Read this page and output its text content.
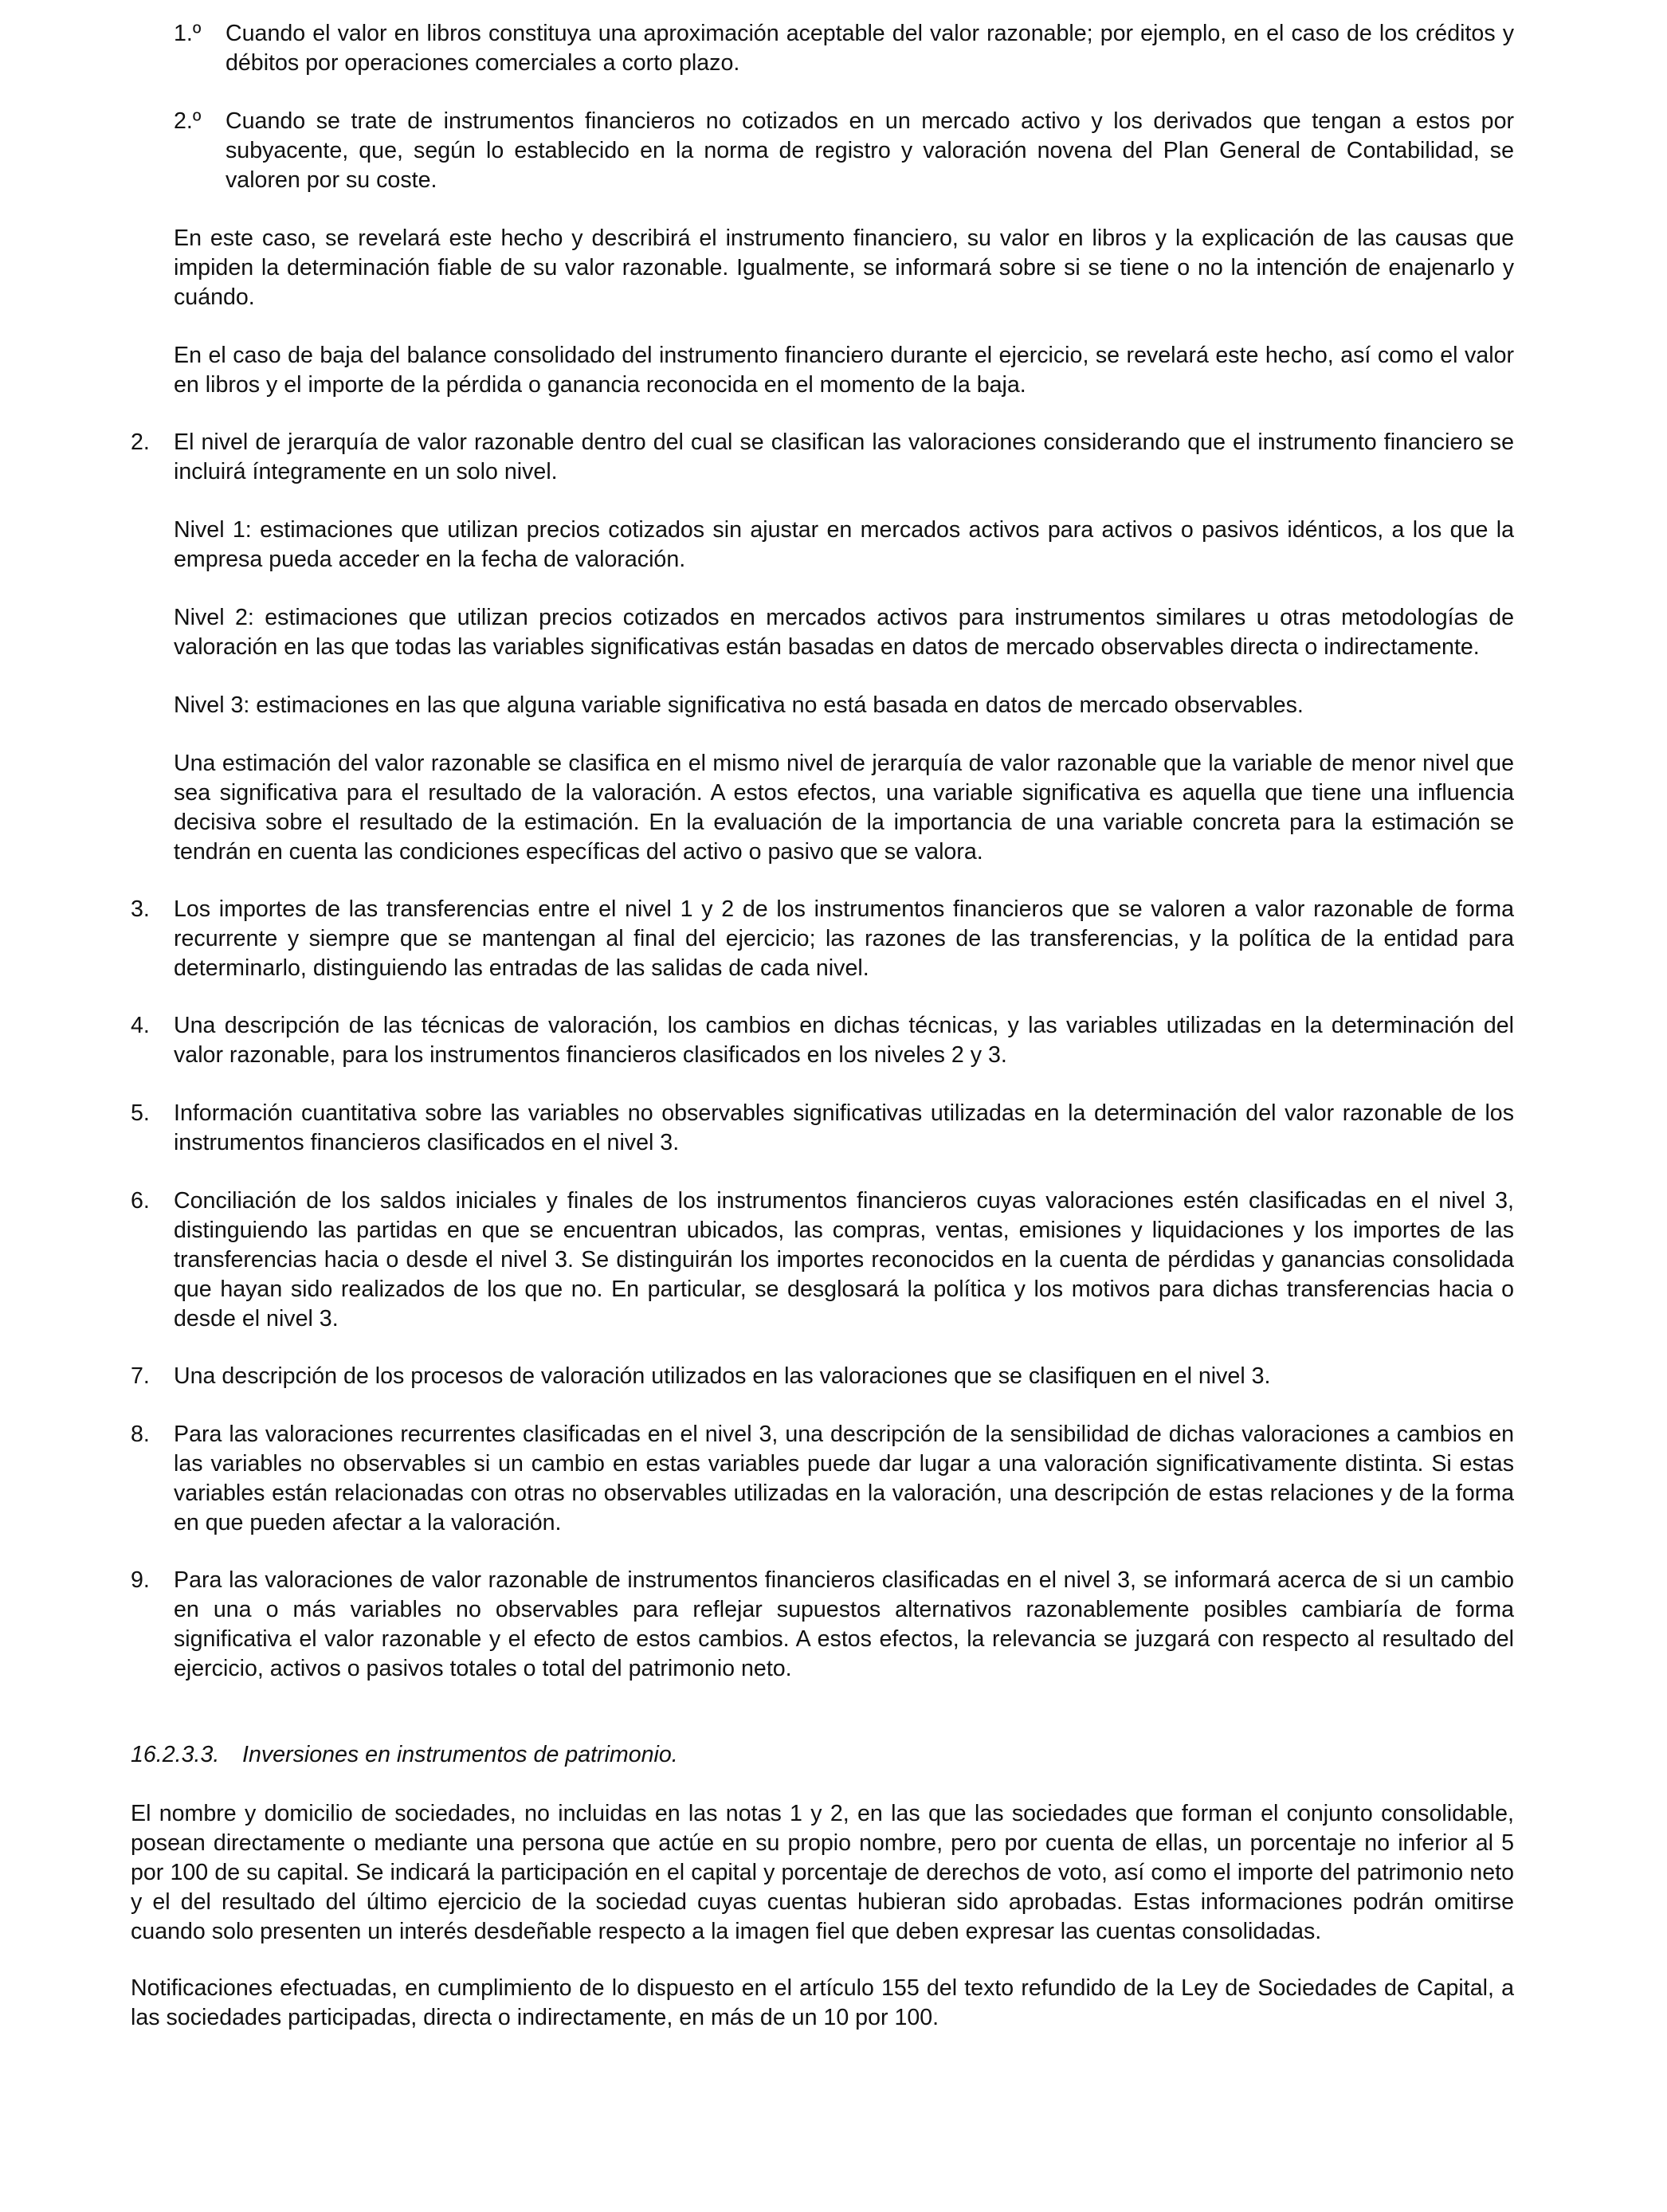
1.º Cuando el valor en libros constituya una aproximación aceptable del valor razonable; por ejemplo, en el caso de los créditos y débitos por operaciones comerciales a corto plazo.

2.º Cuando se trate de instrumentos financieros no cotizados en un mercado activo y los derivados que tengan a estos por subyacente, que, según lo establecido en la norma de registro y valoración novena del Plan General de Contabilidad, se valoren por su coste.

En este caso, se revelará este hecho y describirá el instrumento financiero, su valor en libros y la explicación de las causas que impiden la determinación fiable de su valor razonable. Igualmente, se informará sobre si se tiene o no la intención de enajenarlo y cuándo.

En el caso de baja del balance consolidado del instrumento financiero durante el ejercicio, se revelará este hecho, así como el valor en libros y el importe de la pérdida o ganancia reconocida en el momento de la baja.

2. El nivel de jerarquía de valor razonable dentro del cual se clasifican las valoraciones considerando que el instrumento financiero se incluirá íntegramente en un solo nivel.

Nivel 1: estimaciones que utilizan precios cotizados sin ajustar en mercados activos para activos o pasivos idénticos, a los que la empresa pueda acceder en la fecha de valoración.

Nivel 2: estimaciones que utilizan precios cotizados en mercados activos para instrumentos similares u otras metodologías de valoración en las que todas las variables significativas están basadas en datos de mercado observables directa o indirectamente.

Nivel 3: estimaciones en las que alguna variable significativa no está basada en datos de mercado observables.

Una estimación del valor razonable se clasifica en el mismo nivel de jerarquía de valor razonable que la variable de menor nivel que sea significativa para el resultado de la valoración. A estos efectos, una variable significativa es aquella que tiene una influencia decisiva sobre el resultado de la estimación. En la evaluación de la importancia de una variable concreta para la estimación se tendrán en cuenta las condiciones específicas del activo o pasivo que se valora.

3. Los importes de las transferencias entre el nivel 1 y 2 de los instrumentos financieros que se valoren a valor razonable de forma recurrente y siempre que se mantengan al final del ejercicio; las razones de las transferencias, y la política de la entidad para determinarlo, distinguiendo las entradas de las salidas de cada nivel.

4. Una descripción de las técnicas de valoración, los cambios en dichas técnicas, y las variables utilizadas en la determinación del valor razonable, para los instrumentos financieros clasificados en los niveles 2 y 3.

5. Información cuantitativa sobre las variables no observables significativas utilizadas en la determinación del valor razonable de los instrumentos financieros clasificados en el nivel 3.

6. Conciliación de los saldos iniciales y finales de los instrumentos financieros cuyas valoraciones estén clasificadas en el nivel 3, distinguiendo las partidas en que se encuentran ubicados, las compras, ventas, emisiones y liquidaciones y los importes de las transferencias hacia o desde el nivel 3. Se distinguirán los importes reconocidos en la cuenta de pérdidas y ganancias consolidada que hayan sido realizados de los que no. En particular, se desglosará la política y los motivos para dichas transferencias hacia o desde el nivel 3.

7. Una descripción de los procesos de valoración utilizados en las valoraciones que se clasifiquen en el nivel 3.

8. Para las valoraciones recurrentes clasificadas en el nivel 3, una descripción de la sensibilidad de dichas valoraciones a cambios en las variables no observables si un cambio en estas variables puede dar lugar a una valoración significativamente distinta. Si estas variables están relacionadas con otras no observables utilizadas en la valoración, una descripción de estas relaciones y de la forma en que pueden afectar a la valoración.

9. Para las valoraciones de valor razonable de instrumentos financieros clasificadas en el nivel 3, se informará acerca de si un cambio en una o más variables no observables para reflejar supuestos alternativos razonablemente posibles cambiaría de forma significativa el valor razonable y el efecto de estos cambios. A estos efectos, la relevancia se juzgará con respecto al resultado del ejercicio, activos o pasivos totales o total del patrimonio neto.

16.2.3.3. Inversiones en instrumentos de patrimonio.

El nombre y domicilio de sociedades, no incluidas en las notas 1 y 2, en las que las sociedades que forman el conjunto consolidable, posean directamente o mediante una persona que actúe en su propio nombre, pero por cuenta de ellas, un porcentaje no inferior al 5 por 100 de su capital. Se indicará la participación en el capital y porcentaje de derechos de voto, así como el importe del patrimonio neto y el del resultado del último ejercicio de la sociedad cuyas cuentas hubieran sido aprobadas. Estas informaciones podrán omitirse cuando solo presenten un interés desdeñable respecto a la imagen fiel que deben expresar las cuentas consolidadas.

Notificaciones efectuadas, en cumplimiento de lo dispuesto en el artículo 155 del texto refundido de la Ley de Sociedades de Capital, a las sociedades participadas, directa o indirectamente, en más de un 10 por 100.
